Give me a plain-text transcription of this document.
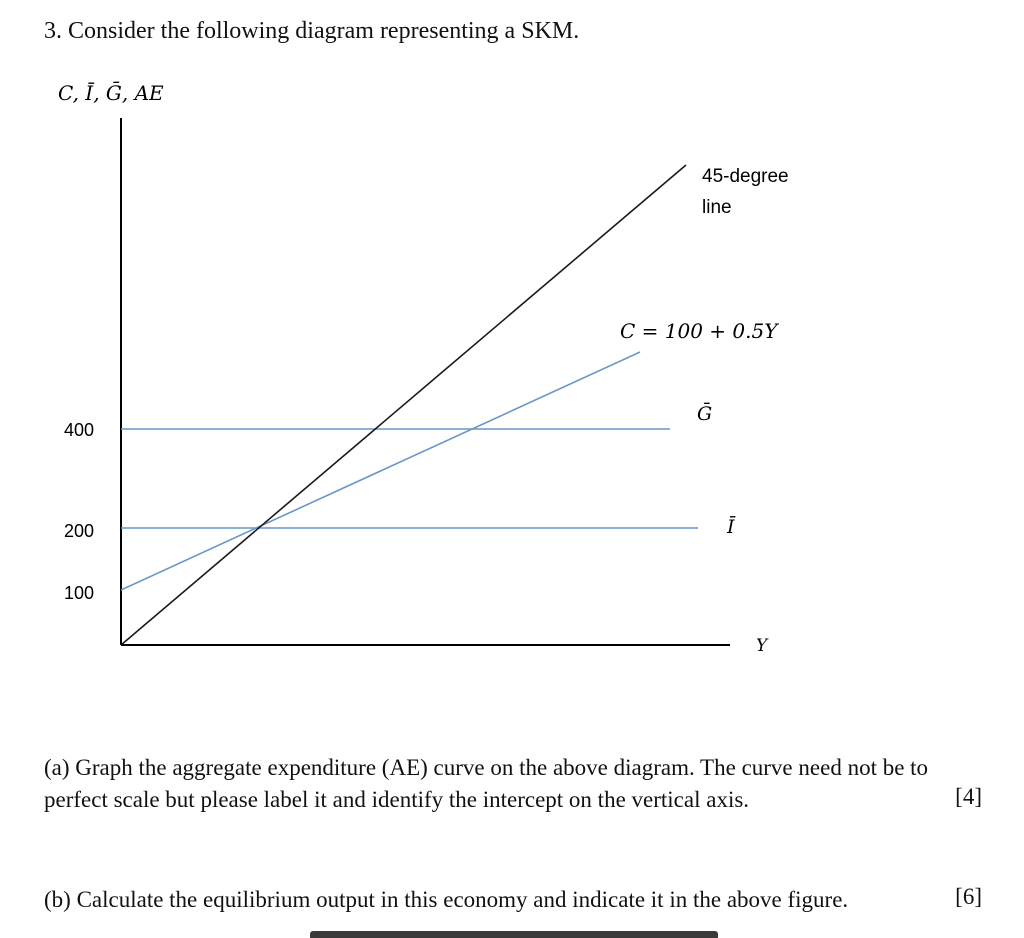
3. Consider the following diagram representing a SKM.
C, Ī, Ḡ, AE
400
200
100
Y
45-degree
line
C = 100 + 0.5Y
Ḡ
Ī
(a) Graph the aggregate expenditure (AE) curve on the above diagram. The curve need not be to perfect scale but please label it and identify the intercept on the vertical axis.	[4]
(b) Calculate the equilibrium output in this economy and indicate it in the above figure.	[6]
